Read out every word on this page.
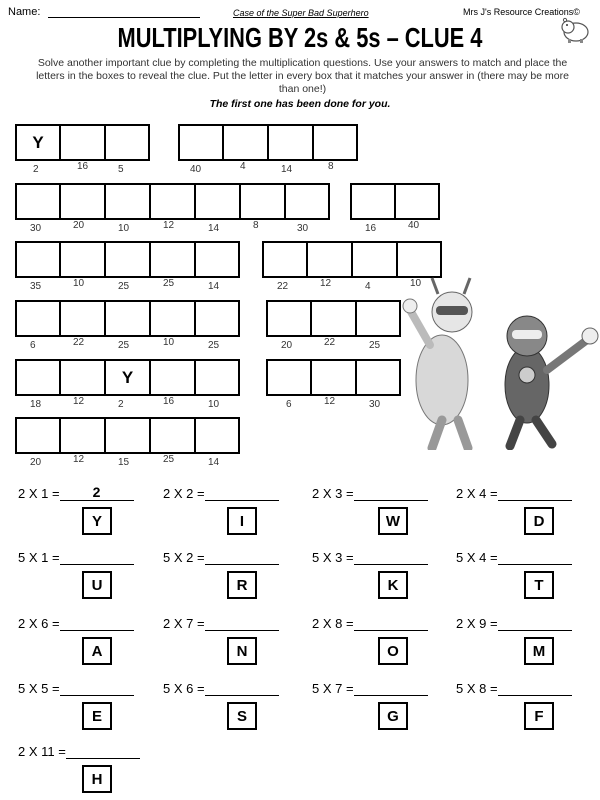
Name:	Case of the Super Bad Superhero	Mrs J's Resource Creations©
MULTIPLYING BY 2s & 5s – CLUE 4
Solve another important clue by completing the multiplication questions. Use your answers to match and place the letters in the boxes to reveal the clue. Put the letter in every box that it matches your answer in (there may be more than one!)
The first one has been done for you.
Y
2	16	5	40	4	14	8
30	20	10	12	14	8	30	16	40
35	10	25	25	14	22	12	4	10
6	22	25	10	25	20	22	25
Y
18	12	2	16	10	6	12	30
20	12	15	25	14
2 X 1 =	2
Y
2 X 2 =
I
2 X 3 =
W
2 X 4 =
D
5 X 1 =
U
5 X 2 =
R
5 X 3 =
K
5 X 4 =
T
2 X 6 =
A
2 X 7 =
N
2 X 8 =
O
2 X 9 =
M
5 X 5 =
E
5 X 6 =
S
5 X 7 =
G
5 X 8 =
F
2 X 11 =
H
